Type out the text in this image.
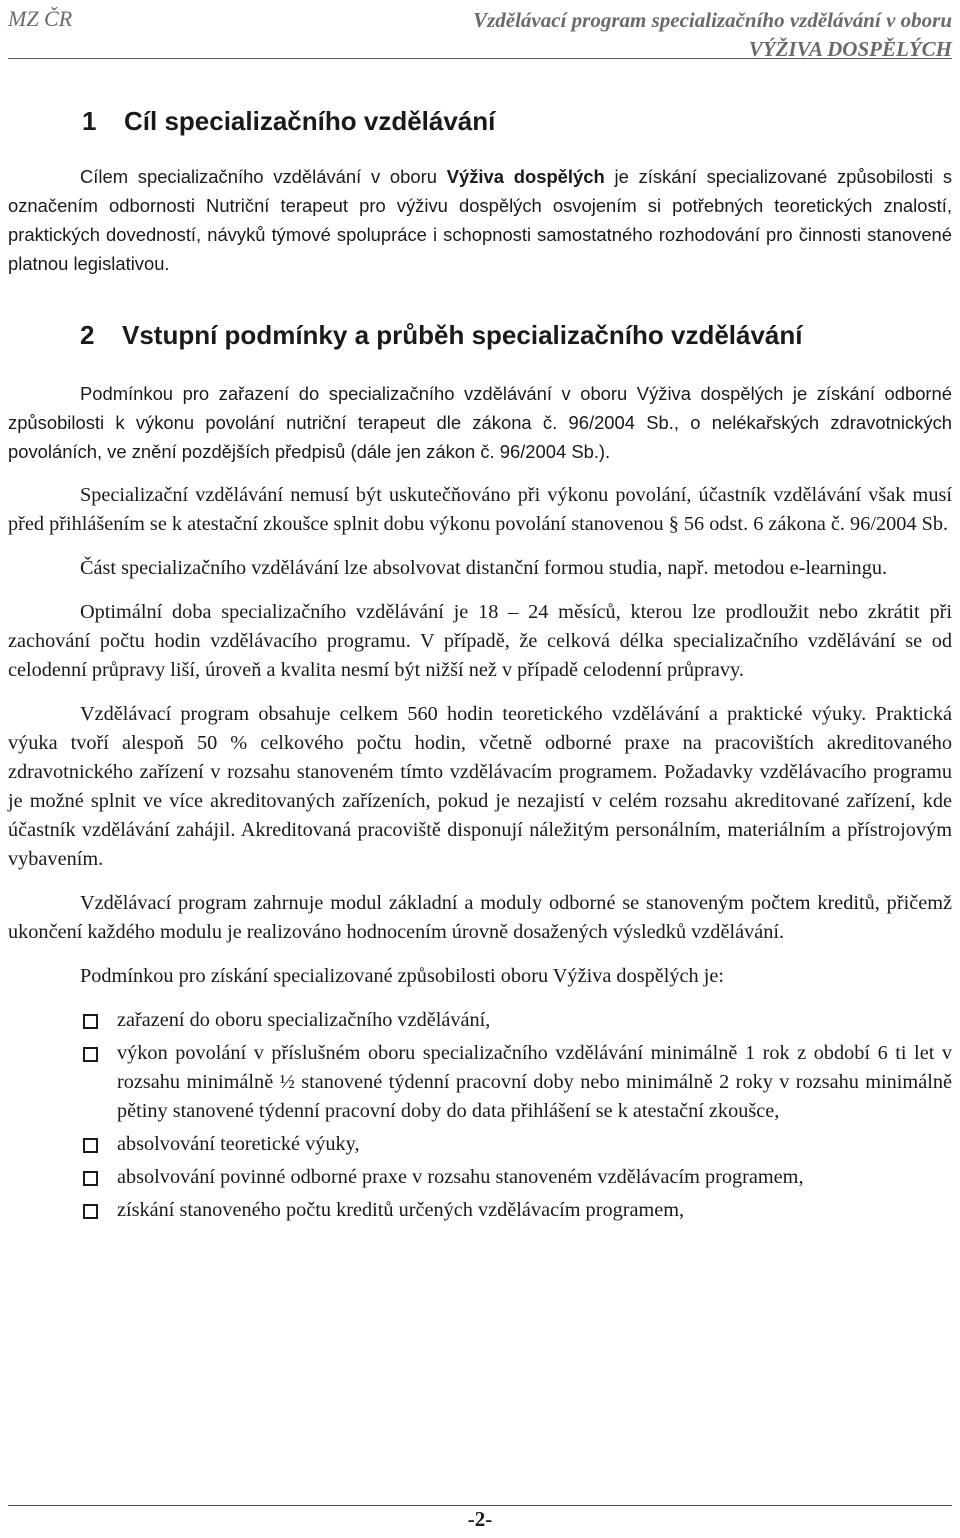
MZ ČR	Vzdělávací program specializačního vzdělávání v oboru
VÝŽIVA DOSPĚLÝCH
1 Cíl specializačního vzdělávání

Cílem specializačního vzdělávání v oboru Výživa dospělých je získání specializované způsobilosti s označením odbornosti Nutriční terapeut pro výživu dospělých osvojením si potřebných teoretických znalostí, praktických dovedností, návyků týmové spolupráce i schopnosti samostatného rozhodování pro činnosti stanovené platnou legislativou.

2 Vstupní podmínky a průběh specializačního vzdělávání

Podmínkou pro zařazení do specializačního vzdělávání v oboru Výživa dospělých je získání odborné způsobilosti k výkonu povolání nutriční terapeut dle zákona č. 96/2004 Sb., o nelékařských zdravotnických povoláních, ve znění pozdějších předpisů (dále jen zákon č. 96/2004 Sb.).

Specializační vzdělávání nemusí být uskutečňováno při výkonu povolání, účastník vzdělávání však musí před přihlášením se k atestační zkoušce splnit dobu výkonu povolání stanovenou § 56 odst. 6 zákona č. 96/2004 Sb.

Část specializačního vzdělávání lze absolvovat distanční formou studia, např. metodou e-learningu.

Optimální doba specializačního vzdělávání je 18 – 24 měsíců, kterou lze prodloužit nebo zkrátit při zachování počtu hodin vzdělávacího programu. V případě, že celková délka specializačního vzdělávání se od celodenní průpravy liší, úroveň a kvalita nesmí být nižší než v případě celodenní průpravy.

Vzdělávací program obsahuje celkem 560 hodin teoretického vzdělávání a praktické výuky. Praktická výuka tvoří alespoň 50 % celkového počtu hodin, včetně odborné praxe na pracovištích akreditovaného zdravotnického zařízení v rozsahu stanoveném tímto vzdělávacím programem. Požadavky vzdělávacího programu je možné splnit ve více akreditovaných zařízeních, pokud je nezajistí v celém rozsahu akreditované zařízení, kde účastník vzdělávání zahájil. Akreditovaná pracoviště disponují náležitým personálním, materiálním a přístrojovým vybavením.

Vzdělávací program zahrnuje modul základní a moduly odborné se stanoveným počtem kreditů, přičemž ukončení každého modulu je realizováno hodnocením úrovně dosažených výsledků vzdělávání.

Podmínkou pro získání specializované způsobilosti oboru Výživa dospělých je:

zařazení do oboru specializačního vzdělávání,
výkon povolání v příslušném oboru specializačního vzdělávání minimálně 1 rok z období 6 ti let v rozsahu minimálně ½ stanovené týdenní pracovní doby nebo minimálně 2 roky v rozsahu minimálně pětiny stanovené týdenní pracovní doby do data přihlášení se k atestační zkoušce,
absolvování teoretické výuky,
absolvování povinné odborné praxe v rozsahu stanoveném vzdělávacím programem,
získání stanoveného počtu kreditů určených vzdělávacím programem,
-2-
